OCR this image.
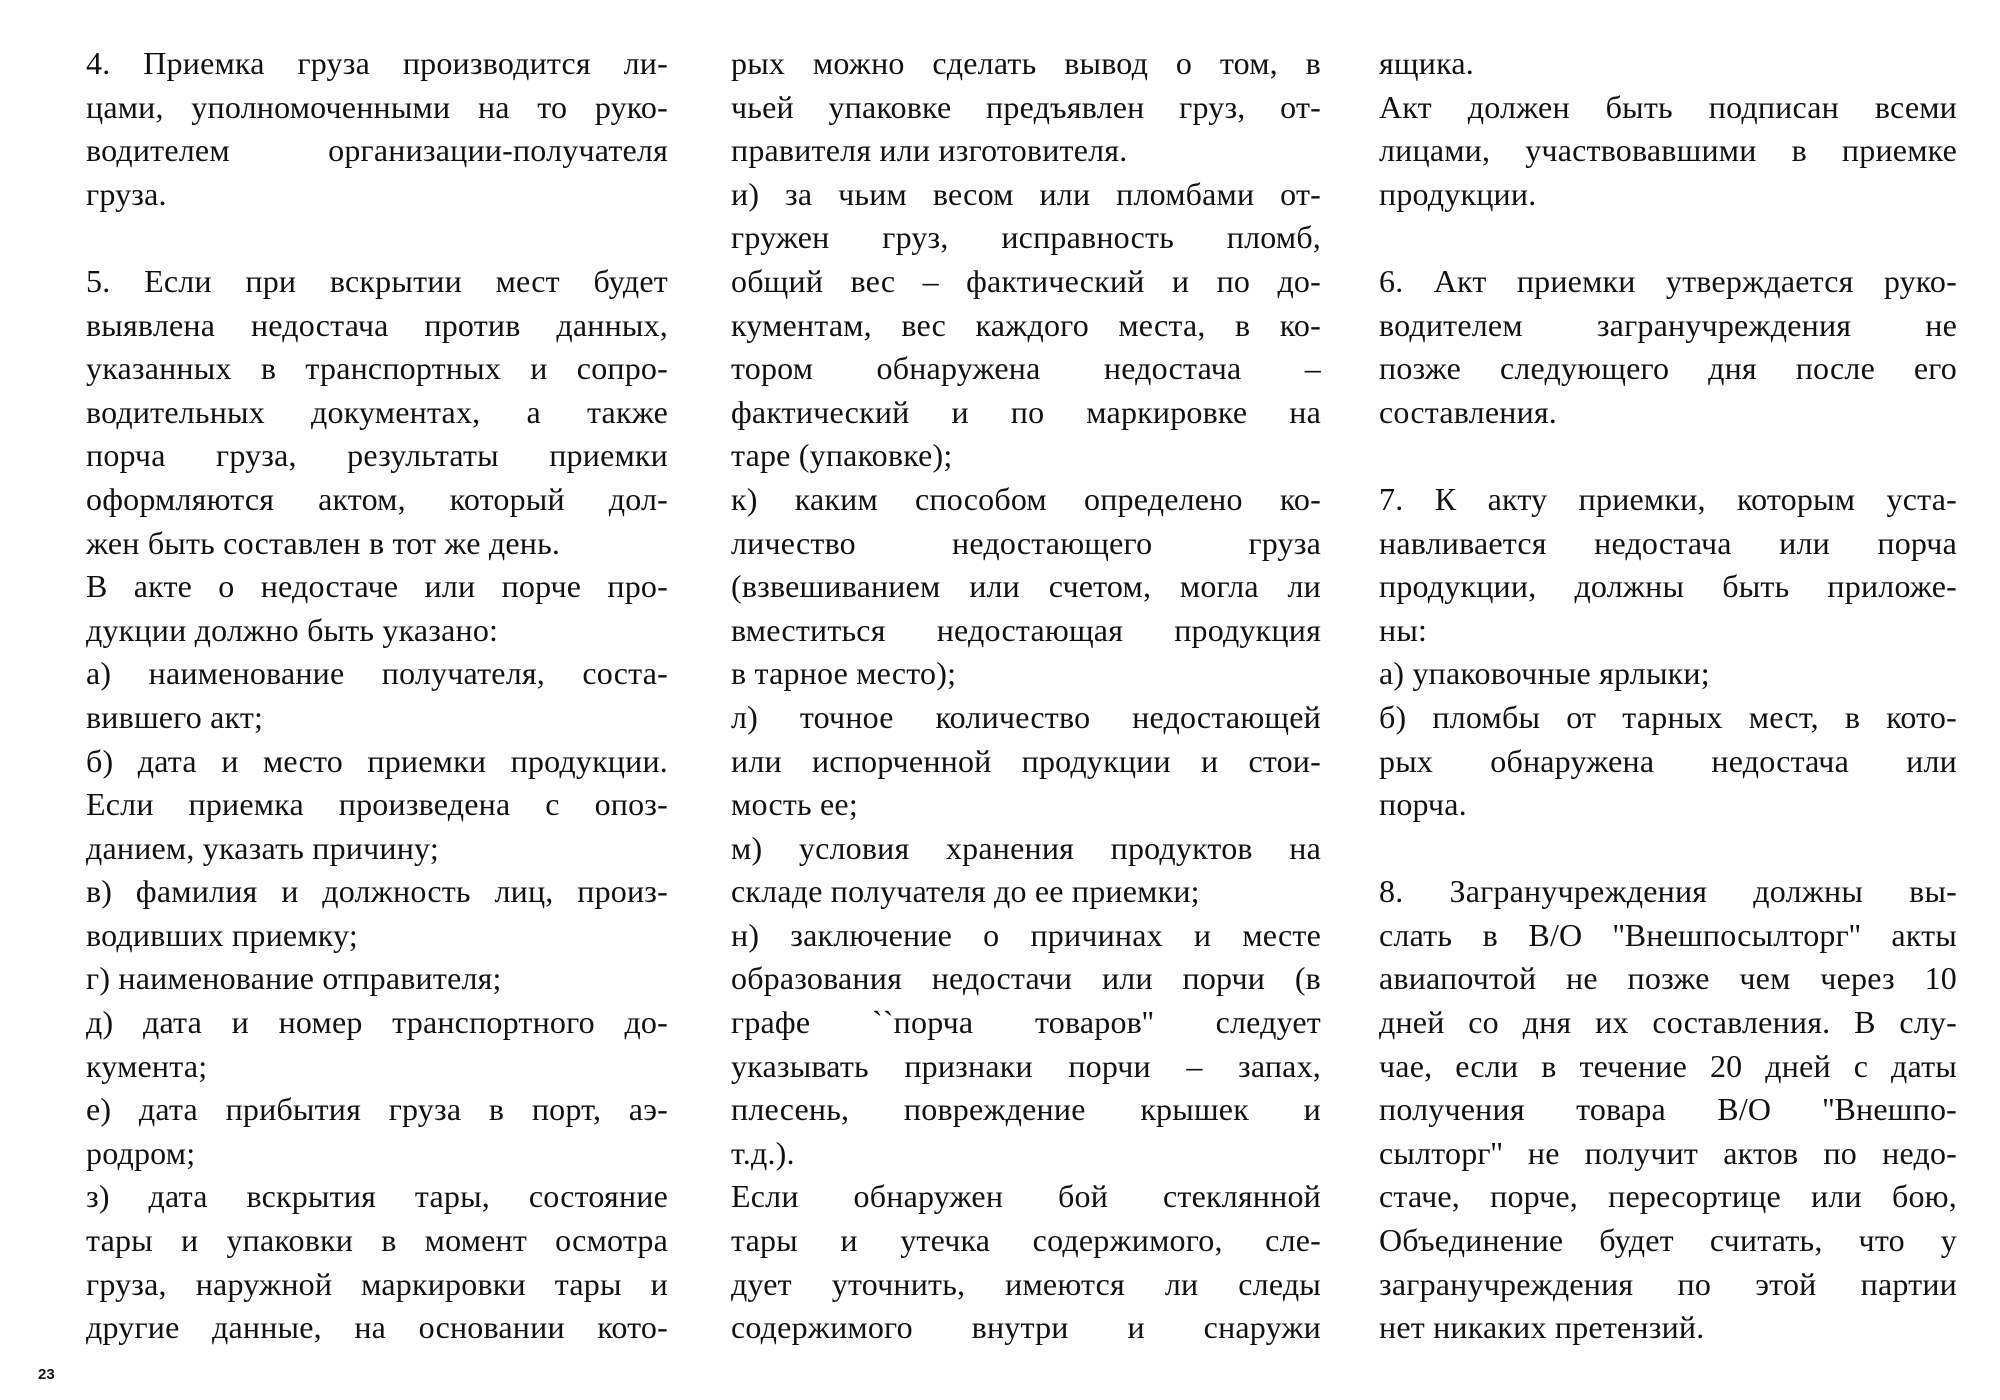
4. Приемка груза производится ли-
цами, уполномоченными на то руко-
водителем организации-получателя
груза.
5. Если при вскрытии мест будет
выявлена недостача против данных,
указанных в транспортных и сопро-
водительных документах, а также
порча груза, результаты приемки
оформляются актом, который дол-
жен быть составлен в тот же день.
В акте о недостаче или порче про-
дукции должно быть указано:
а) наименование получателя, соста-
вившего акт;
б) дата и место приемки продукции.
Если приемка произведена с опоз-
данием, указать причину;
в) фамилия и должность лиц, произ-
водивших приемку;
г) наименование отправителя;
д) дата и номер транспортного до-
кумента;
е) дата прибытия груза в порт, аэ-
родром;
з) дата вскрытия тары, состояние
тары и упаковки в момент осмотра
груза, наружной маркировки тары и
другие данные, на основании кото-
рых можно сделать вывод о том, в
чьей упаковке предъявлен груз, от-
правителя или изготовителя.
и) за чьим весом или пломбами от-
гружен груз, исправность пломб,
общий вес – фактический и по до-
кументам, вес каждого места, в ко-
тором обнаружена недостача –
фактический и по маркировке на
таре (упаковке);
к) каким способом определено ко-
личество недостающего груза
(взвешиванием или счетом, могла ли
вместиться недостающая продукция
в тарное место);
л) точное количество недостающей
или испорченной продукции и стои-
мость ее;
м) условия хранения продуктов на
складе получателя до ее приемки;
н) заключение о причинах и месте
образования недостачи или порчи (в
графе ``порча товаров'' следует
указывать признаки порчи – запах,
плесень, повреждение крышек и
т.д.).
Если обнаружен бой стеклянной
тары и утечка содержимого, сле-
дует уточнить, имеются ли следы
содержимого внутри и снаружи
ящика.
Акт должен быть подписан всеми
лицами, участвовавшими в приемке
продукции.
6. Акт приемки утверждается руко-
водителем загранучреждения не
позже следующего дня после его
составления.
7. К акту приемки, которым уста-
навливается недостача или порча
продукции, должны быть приложе-
ны:
а) упаковочные ярлыки;
б) пломбы от тарных мест, в кото-
рых обнаружена недостача или
порча.
8. Загранучреждения должны вы-
слать в В/О ''Внешпосылторг'' акты
авиапочтой не позже чем через 10
дней со дня их составления. В слу-
чае, если в течение 20 дней с даты
получения товара В/О ''Внешпо-
сылторг'' не получит актов по недо-
стаче, порче, пересортице или бою,
Объединение будет считать, что у
загранучреждения по этой партии
нет никаких претензий.
23
